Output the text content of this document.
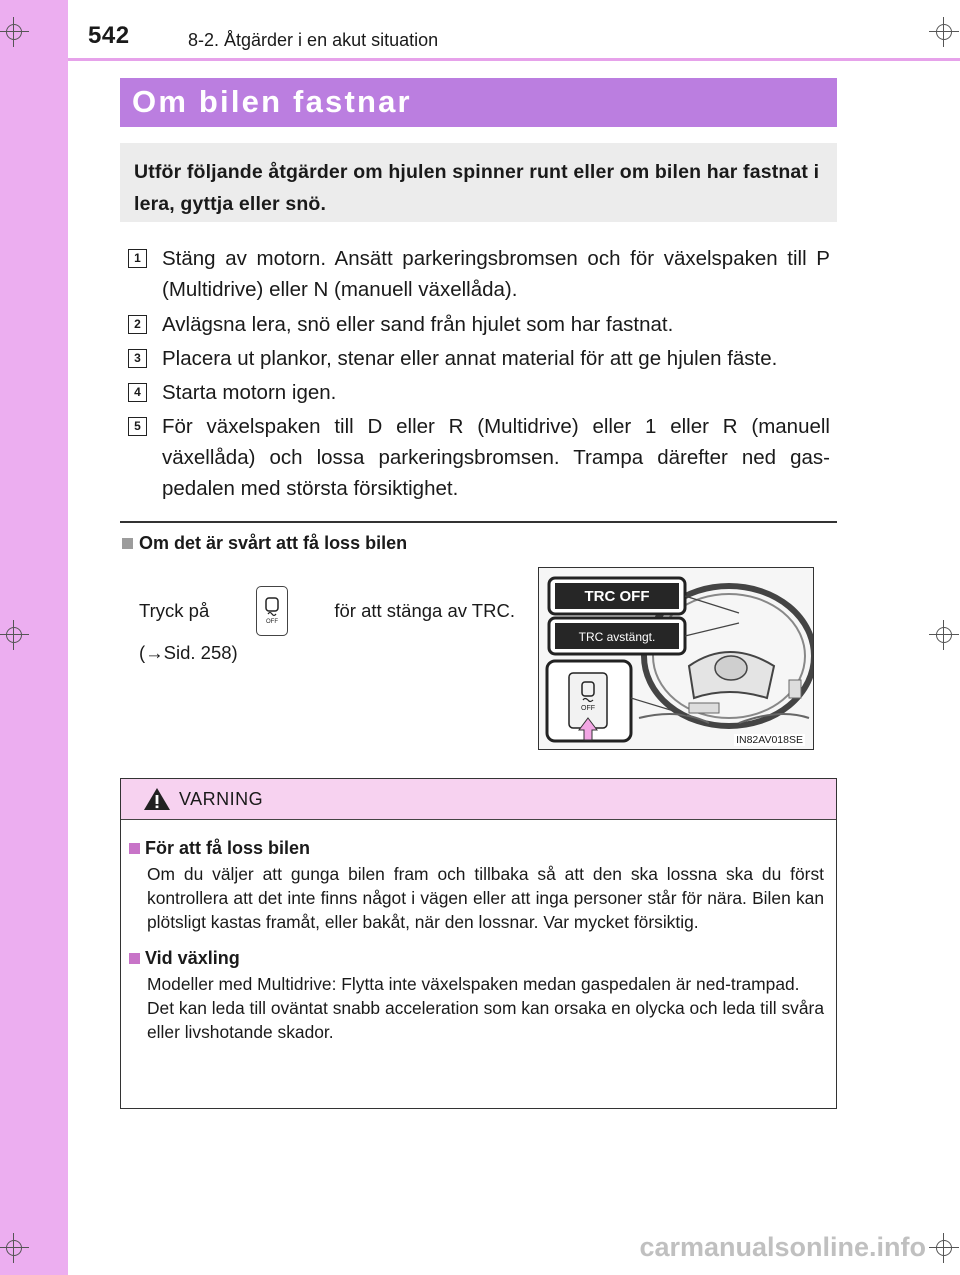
542	8-2. Åtgärder i en akut situation
Om bilen fastnar
Utför följande åtgärder om hjulen spinner runt eller om bilen har fastnat i lera, gyttja eller snö.
1	Stäng av motorn. Ansätt parkeringsbromsen och för växelspaken till P (Multidrive) eller N (manuell växellåda).
2	Avlägsna lera, snö eller sand från hjulet som har fastnat.
3	Placera ut plankor, stenar eller annat material för att ge hjulen fäste.
4	Starta motorn igen.
5	För växelspaken till D eller R (Multidrive) eller 1 eller R (manuell växellåda) och lossa parkeringsbromsen. Trampa därefter ned gas-pedalen med största försiktighet.
Om det är svårt att få loss bilen
Tryck på
OFF
för att stänga av TRC.
(→Sid. 258)
TRC OFF
TRC avstängt.
OFF
IN82AV018SE
VARNING
För att få loss bilen
Om du väljer att gunga bilen fram och tillbaka så att den ska lossna ska du först kontrollera att det inte finns något i vägen eller att inga personer står för nära. Bilen kan plötsligt kastas framåt, eller bakåt, när den lossnar. Var mycket försiktig.
Vid växling
Modeller med Multidrive: Flytta inte växelspaken medan gaspedalen är ned-trampad.
Det kan leda till oväntat snabb acceleration som kan orsaka en olycka och leda till svåra eller livshotande skador.
carmanualsonline.info
